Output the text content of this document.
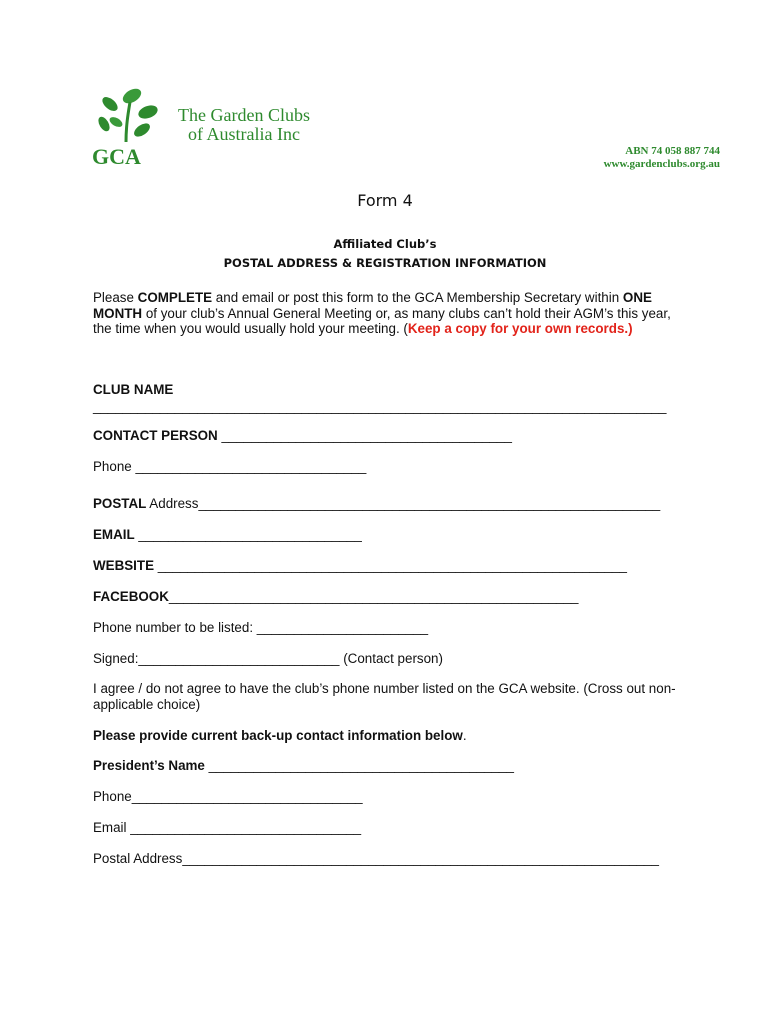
GCA
The Garden Clubs
of Australia Inc
ABN 74 058 887 744
www.gardenclubs.org.au
Form 4
Affiliated Club’s
POSTAL ADDRESS & REGISTRATION INFORMATION
Please COMPLETE and email or post this form to the GCA Membership Secretary within ONE MONTH of your club’s Annual General Meeting or, as many clubs can’t hold their AGM’s this year, the time when you would usually hold your meeting. (Keep a copy for your own records.)
CLUB NAME
_____________________________________________________________________________
CONTACT PERSON _______________________________________
Phone _______________________________
POSTAL Address______________________________________________________________
EMAIL ______________________________
WEBSITE _______________________________________________________________
FACEBOOK_______________________________________________________
Phone number to be listed: _______________________
Signed:___________________________ (Contact person)
I agree / do not agree to have the club’s phone number listed on the GCA website. (Cross out non-applicable choice)
Please provide current back-up contact information below.
President’s Name _________________________________________
Phone_______________________________
Email _______________________________
Postal Address________________________________________________________________
